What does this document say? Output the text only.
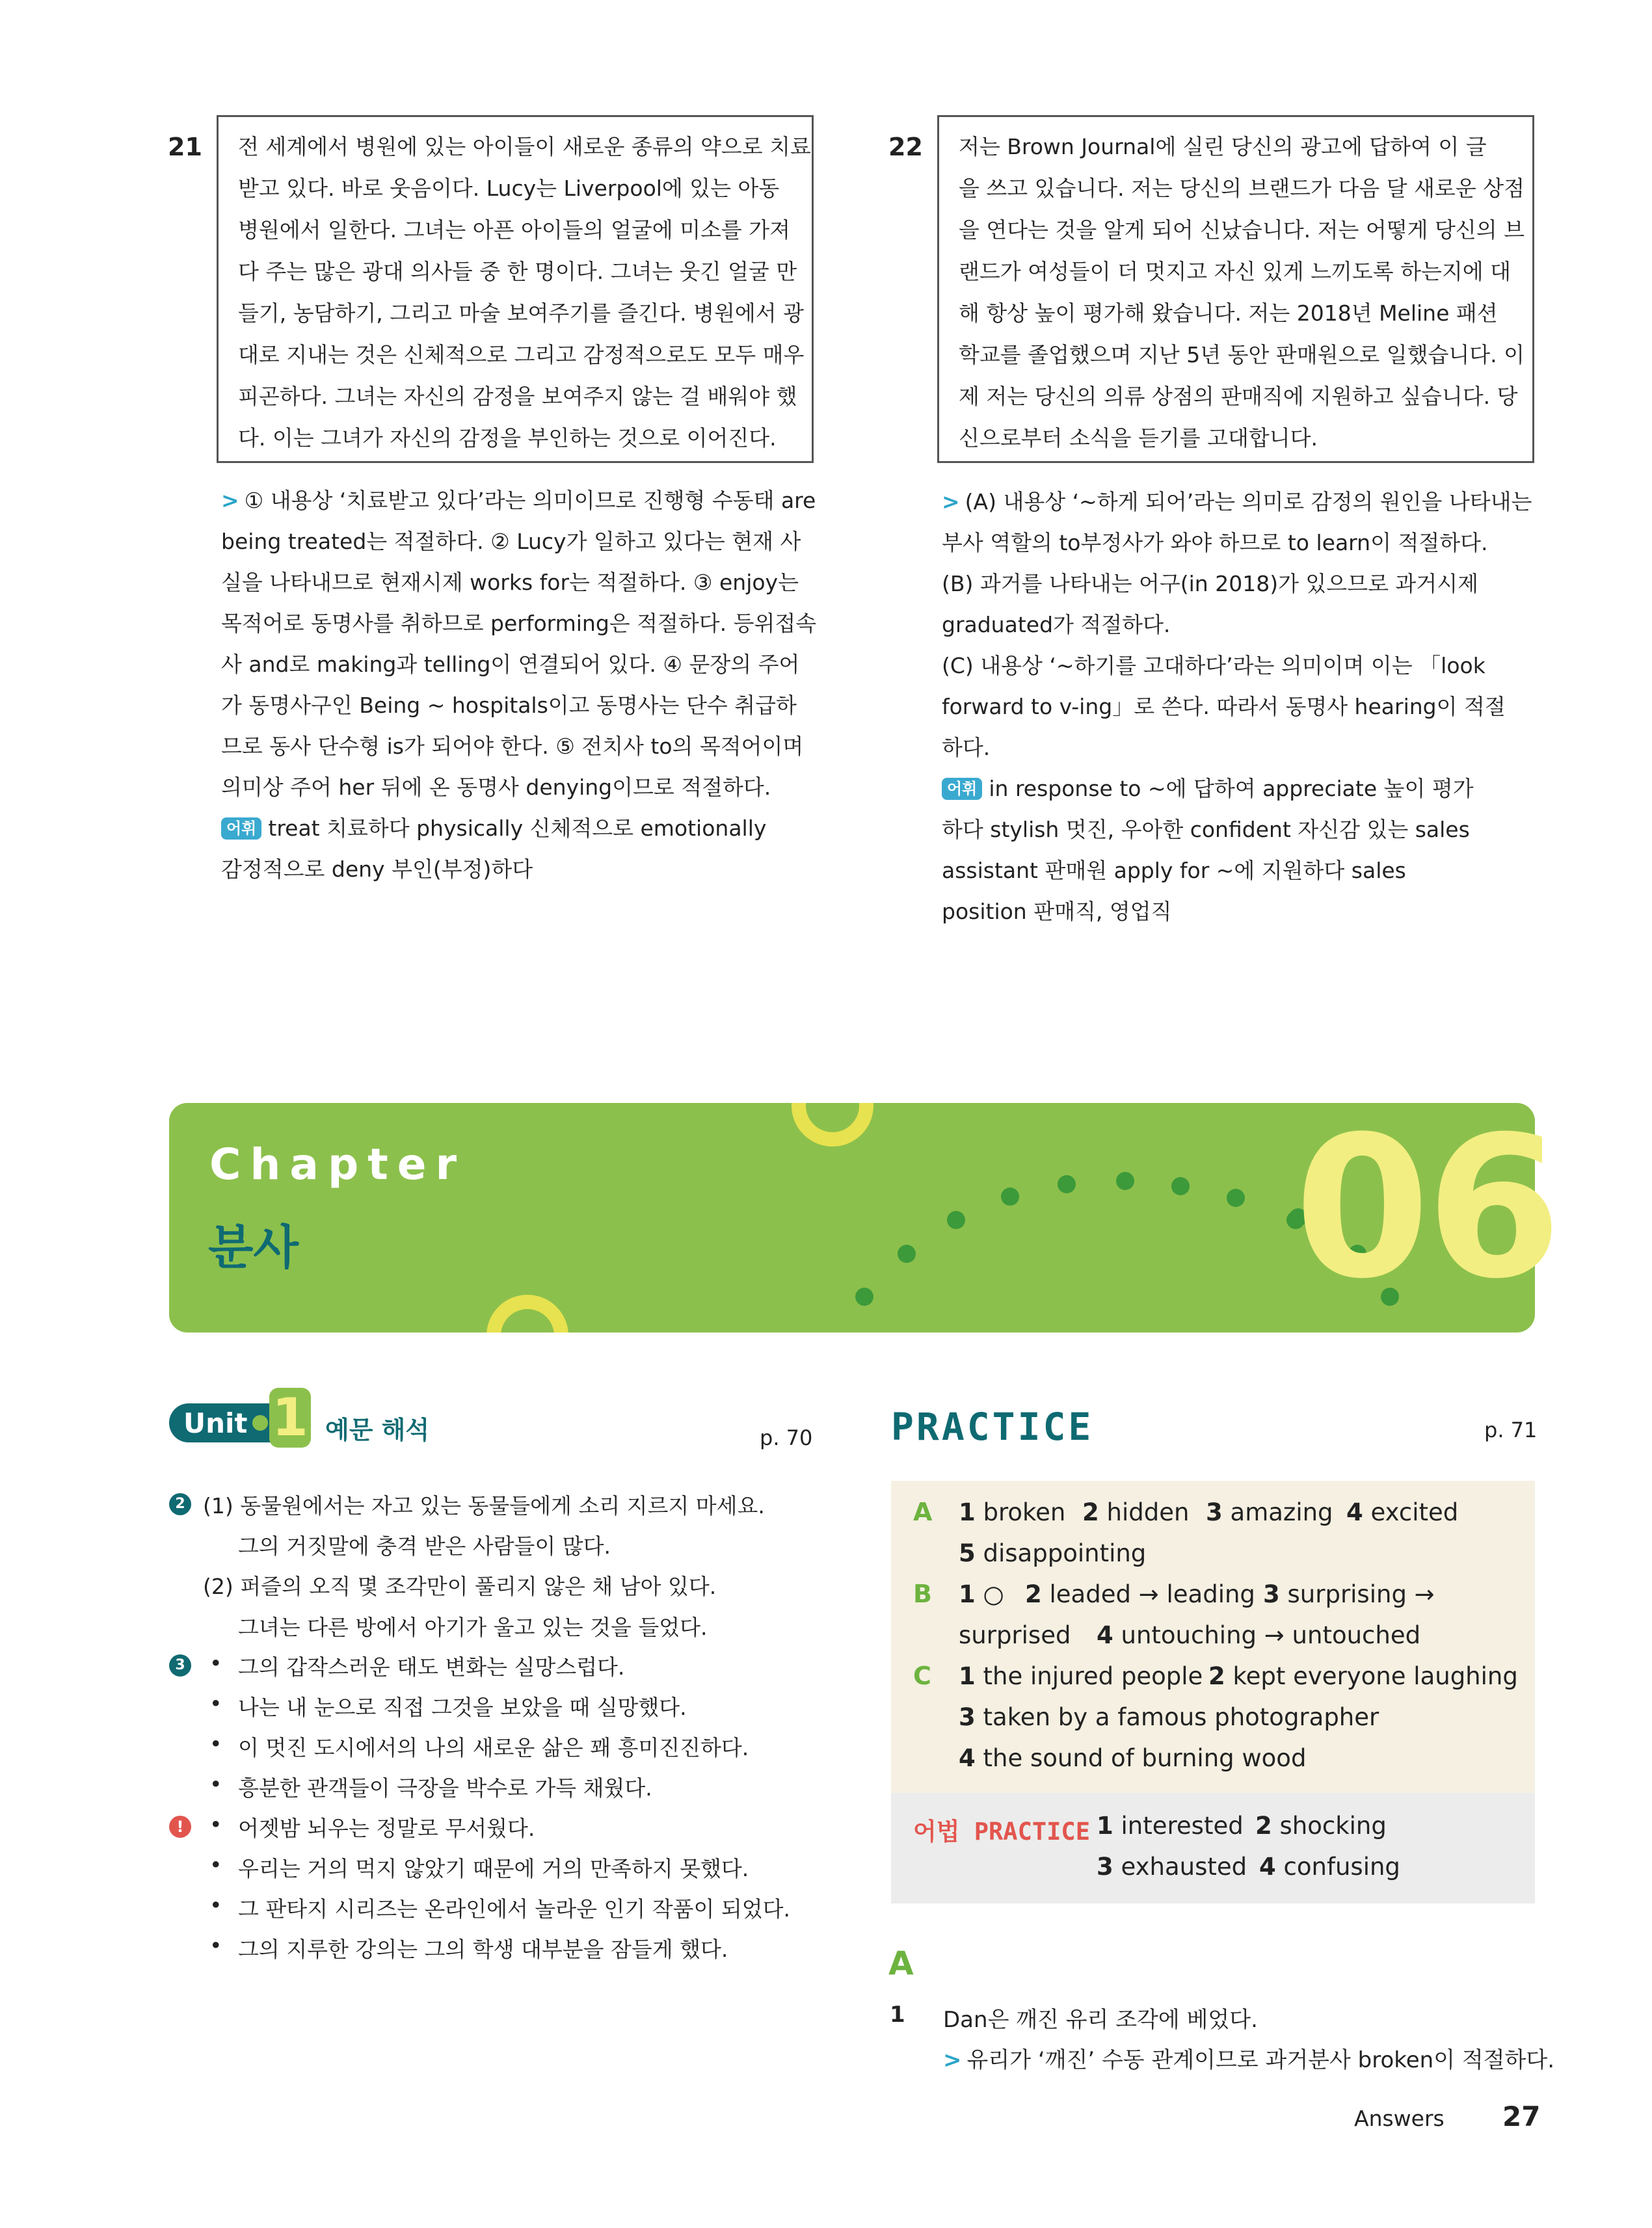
21 전 세계에서 병원에 있는 아이들이 새로운 종류의 약으로 치료
받고 있다. 바로 웃음이다. Lucy는 Liverpool에 있는 아동
병원에서 일한다. 그녀는 아픈 아이들의 얼굴에 미소를 가져
다 주는 많은 광대 의사들 중 한 명이다. 그녀는 웃긴 얼굴 만
들기, 농담하기, 그리고 마술 보여주기를 즐긴다. 병원에서 광
대로 지내는 것은 신체적으로 그리고 감정적으로도 모두 매우
피곤하다. 그녀는 자신의 감정을 보여주지 않는 걸 배워야 했
다. 이는 그녀가 자신의 감정을 부인하는 것으로 이어진다.
> ① 내용상 ‘치료받고 있다’라는 의미이므로 진행형 수동태 are
being treated는 적절하다. ② Lucy가 일하고 있다는 현재 사
실을 나타내므로 현재시제 works for는 적절하다. ③ enjoy는
목적어로 동명사를 취하므로 performing은 적절하다. 등위접속
사 and로 making과 telling이 연결되어 있다. ④ 문장의 주어
가 동명사구인 Being ~ hospitals이고 동명사는 단수 취급하
므로 동사 단수형 is가 되어야 한다. ⑤ 전치사 to의 목적어이며
의미상 주어 her 뒤에 온 동명사 denying이므로 적절하다.
어휘 treat 치료하다 physically 신체적으로 emotionally
감정적으로 deny 부인(부정)하다
22 저는 Brown Journal에 실린 당신의 광고에 답하여 이 글
을 쓰고 있습니다. 저는 당신의 브랜드가 다음 달 새로운 상점
을 연다는 것을 알게 되어 신났습니다. 저는 어떻게 당신의 브
랜드가 여성들이 더 멋지고 자신 있게 느끼도록 하는지에 대
해 항상 높이 평가해 왔습니다. 저는 2018년 Meline 패션
학교를 졸업했으며 지난 5년 동안 판매원으로 일했습니다. 이
제 저는 당신의 의류 상점의 판매직에 지원하고 싶습니다. 당
신으로부터 소식을 듣기를 고대합니다.
> (A) 내용상 ‘~하게 되어’라는 의미로 감정의 원인을 나타내는
부사 역할의 to부정사가 와야 하므로 to learn이 적절하다.
(B) 과거를 나타내는 어구(in 2018)가 있으므로 과거시제
graduated가 적절하다.
(C) 내용상 ‘~하기를 고대하다’라는 의미이며 이는 「look
forward to v-ing」로 쓴다. 따라서 동명사 hearing이 적절
하다.
어휘 in response to ~에 답하여 appreciate 높이 평가
하다 stylish 멋진, 우아한 confident 자신감 있는 sales
assistant 판매원 apply for ~에 지원하다 sales
position 판매직, 영업직
Chapter
분사	06
Unit 1 예문 해석	p. 70
2 (1) 동물원에서는 자고 있는 동물들에게 소리 지르지 마세요.
그의 거짓말에 충격 받은 사람들이 많다.
(2) 퍼즐의 오직 몇 조각만이 풀리지 않은 채 남아 있다.
그녀는 다른 방에서 아기가 울고 있는 것을 들었다.
3 • 그의 갑작스러운 태도 변화는 실망스럽다.
• 나는 내 눈으로 직접 그것을 보았을 때 실망했다.
• 이 멋진 도시에서의 나의 새로운 삶은 꽤 흥미진진하다.
• 흥분한 관객들이 극장을 박수로 가득 채웠다.
!	• 어젯밤 뇌우는 정말로 무서웠다.
• 우리는 거의 먹지 않았기 때문에 거의 만족하지 못했다.
• 그 판타지 시리즈는 온라인에서 놀라운 인기 작품이 되었다.
• 그의 지루한 강의는 그의 학생 대부분을 잠들게 했다.
PRACTICE	p. 71
A 1 broken 2 hidden 3 amazing 4 excited
5 disappointing
B 1 ○ 2 leaded → leading 3 surprising →
surprised 4 untouching → untouched
C 1 the injured people 2 kept everyone laughing
3 taken by a famous photographer
4 the sound of burning wood
어법 PRACTICE 1 interested 2 shocking
3 exhausted 4 confusing
A
1 Dan은 깨진 유리 조각에 베었다.
> 유리가 ‘깨진’ 수동 관계이므로 과거분사 broken이 적절하다.
Answers 27
